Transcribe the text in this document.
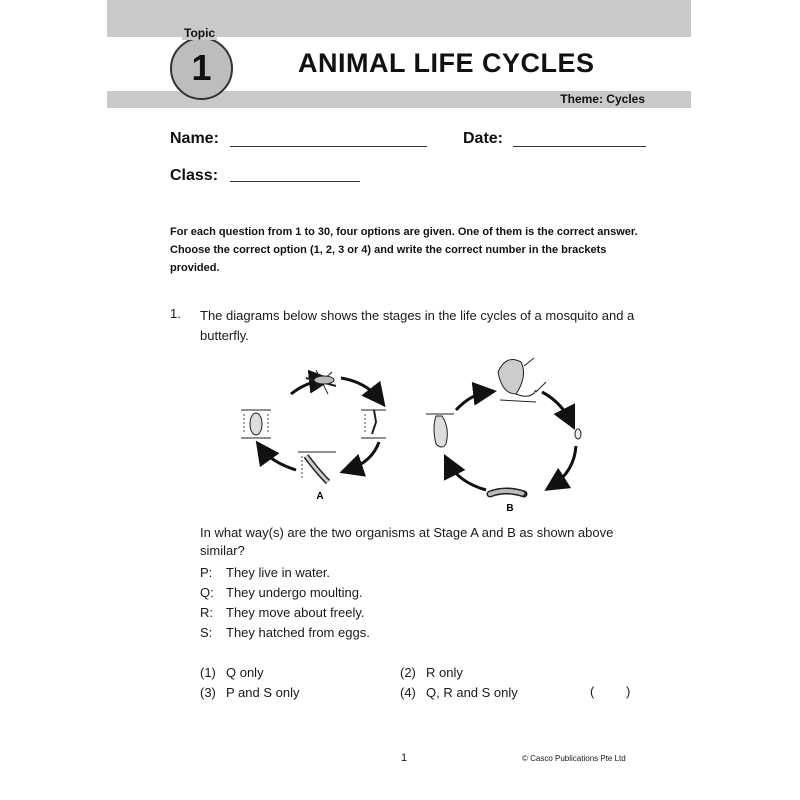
Theme: Cycles
1
Topic
ANIMAL LIFE CYCLES
Name:	Date:
Class:
For each question from 1 to 30, four options are given. One of them is the correct answer. Choose the correct option (1, 2, 3 or 4) and write the correct number in the brackets provided.
1. The diagrams below shows the stages in the life cycles of a mosquito and a butterfly.
A
B
In what way(s) are the two organisms at Stage A and B as shown above similar?
P: They live in water.
Q: They undergo moulting.
R: They move about freely.
S: They hatched from eggs.
(1) Q only	(2) R only
(3) P and S only	(4) Q, R and S only	( )
1	© Casco Publications Pte Ltd
